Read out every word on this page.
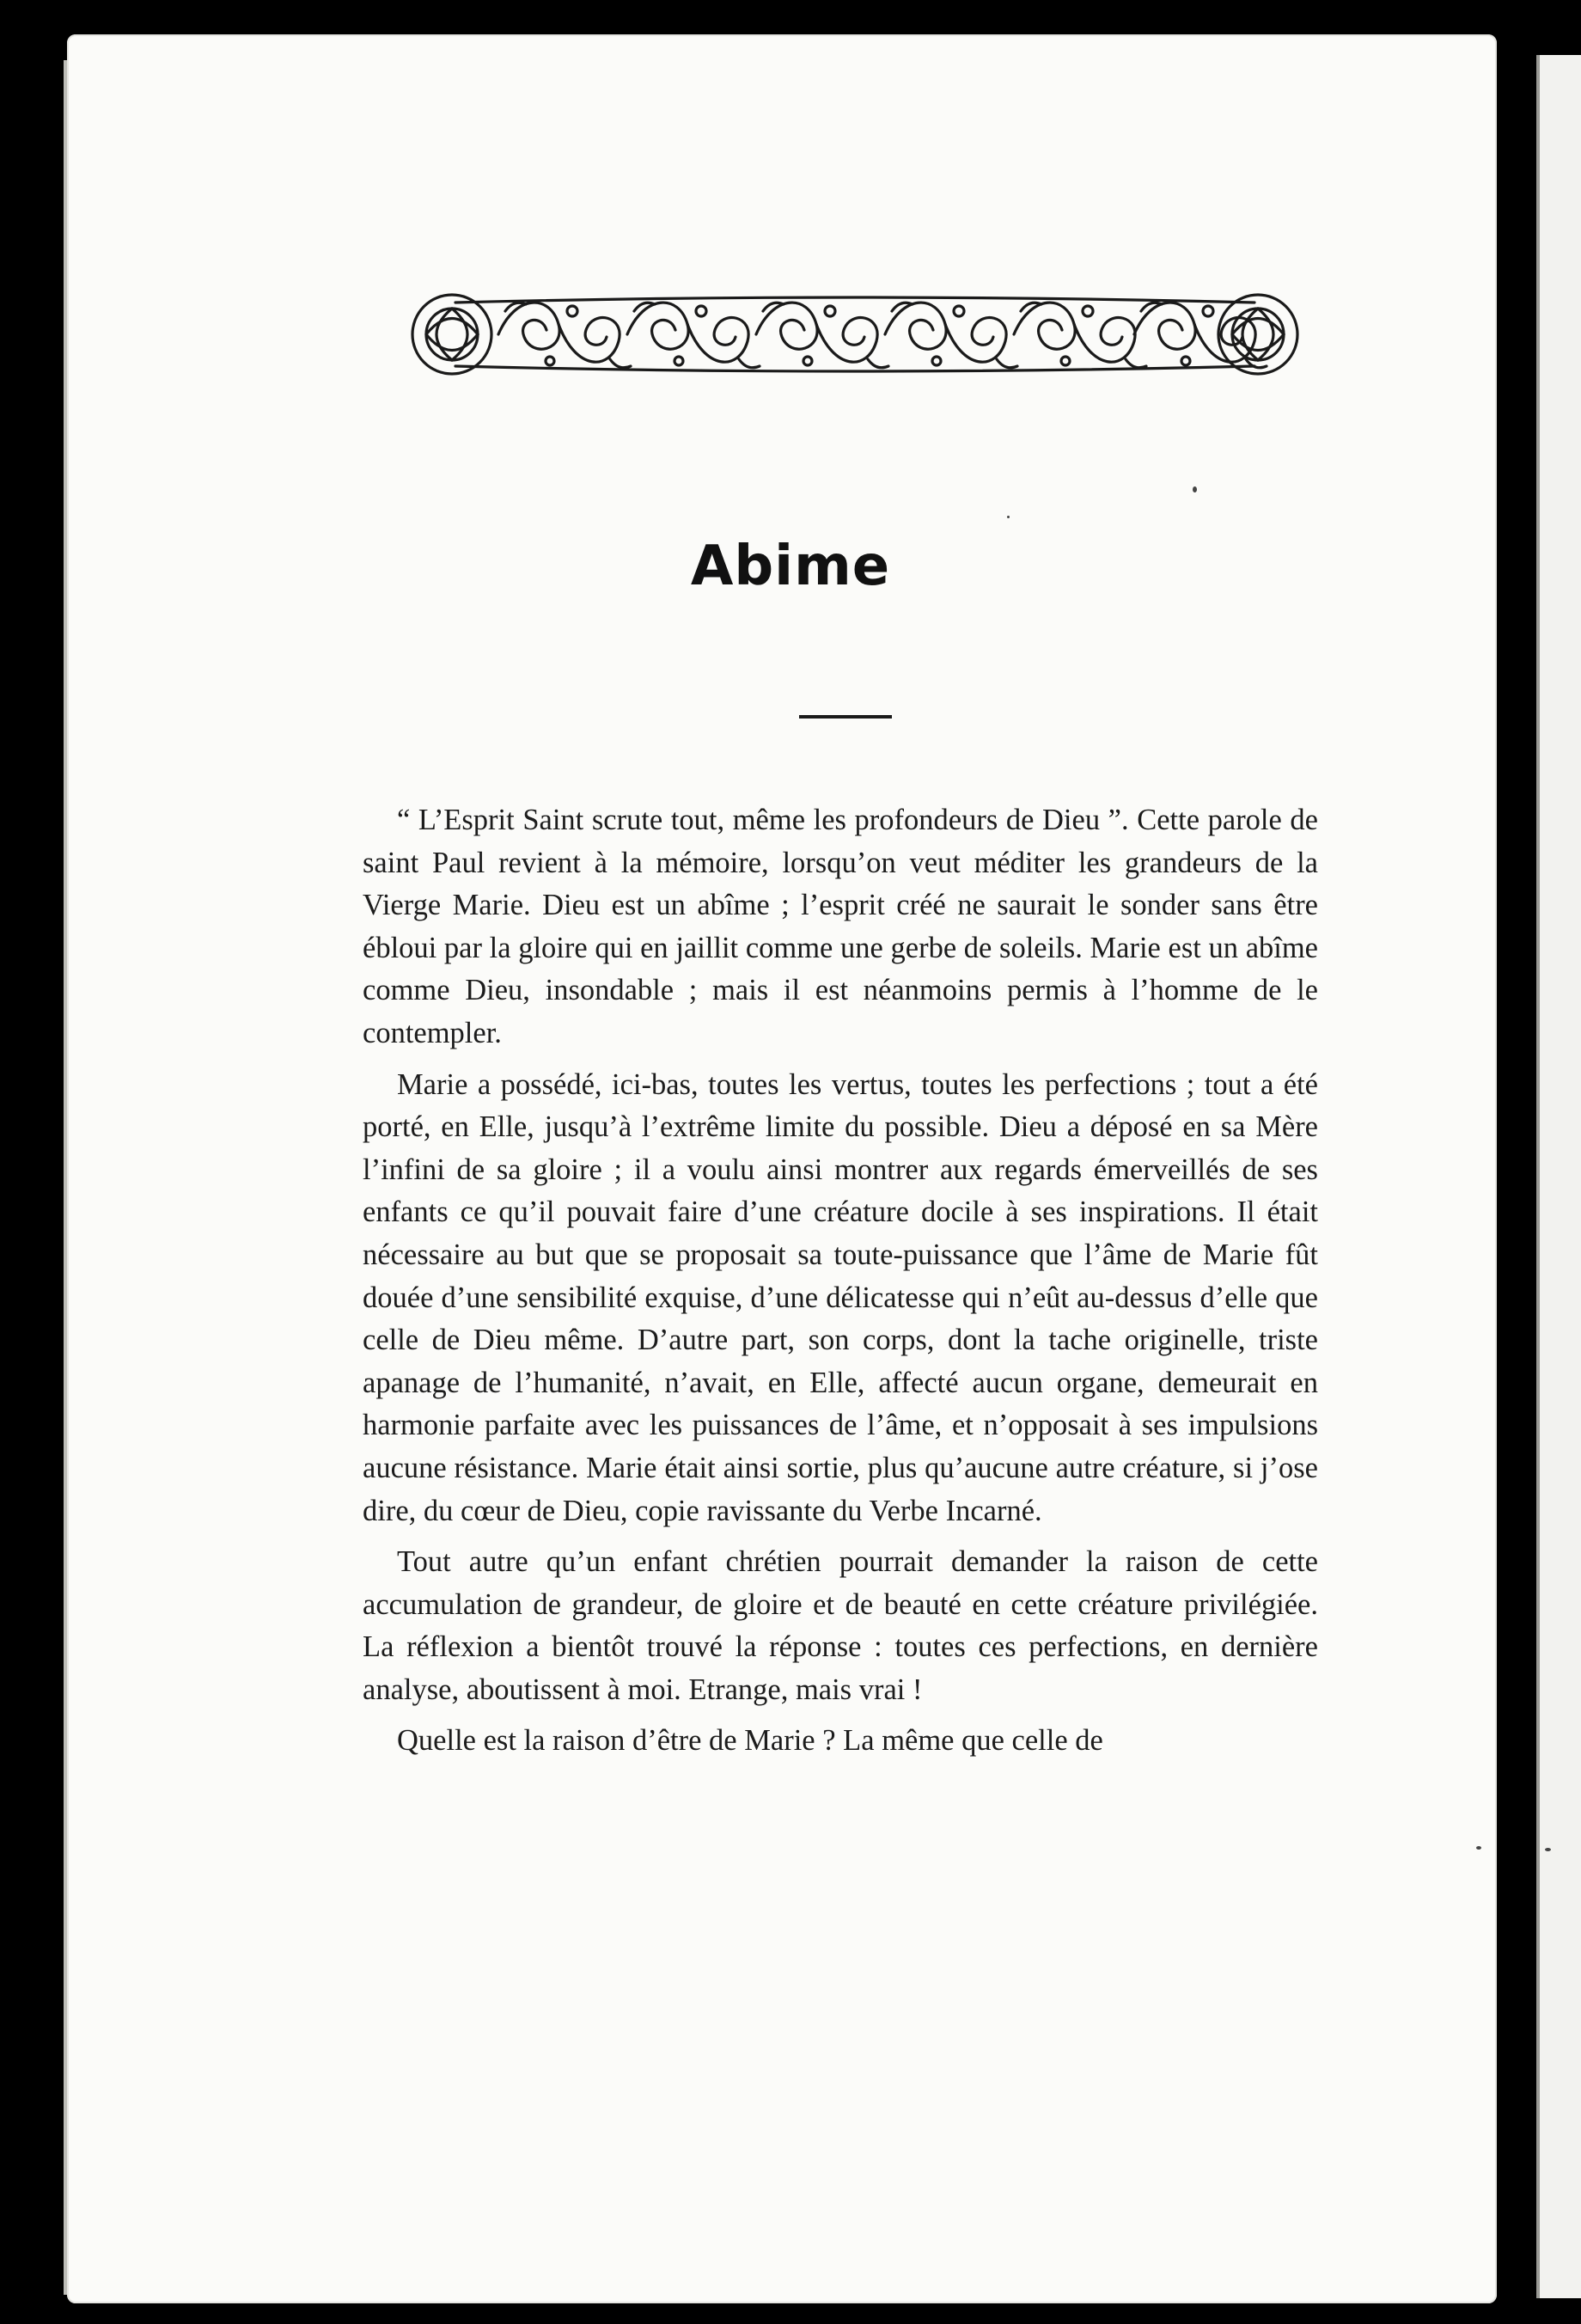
Abime

“ L’Esprit Saint scrute tout, même les profondeurs de Dieu ”. Cette parole de saint Paul revient à la mémoire, lorsqu’on veut méditer les grandeurs de la Vierge Marie. Dieu est un abîme ; l’esprit créé ne saurait le sonder sans être ébloui par la gloire qui en jaillit comme une gerbe de soleils. Marie est un abîme comme Dieu, insondable ; mais il est néanmoins permis à l’homme de le contempler.

Marie a possédé, ici-bas, toutes les vertus, toutes les perfections ; tout a été porté, en Elle, jusqu’à l’extrême limite du possible. Dieu a déposé en sa Mère l’infini de sa gloire ; il a voulu ainsi montrer aux regards émerveillés de ses enfants ce qu’il pouvait faire d’une créature docile à ses inspirations. Il était nécessaire au but que se proposait sa toute-puissance que l’âme de Marie fût douée d’une sensibilité exquise, d’une délicatesse qui n’eût au-dessus d’elle que celle de Dieu même. D’autre part, son corps, dont la tache originelle, triste apanage de l’humanité, n’avait, en Elle, affecté aucun organe, demeurait en harmonie parfaite avec les puissances de l’âme, et n’opposait à ses impulsions aucune résistance. Marie était ainsi sortie, plus qu’aucune autre créature, si j’ose dire, du cœur de Dieu, copie ravissante du Verbe Incarné.

Tout autre qu’un enfant chrétien pourrait demander la raison de cette accumulation de grandeur, de gloire et de beauté en cette créature privilégiée. La réflexion a bientôt trouvé la réponse : toutes ces perfections, en dernière analyse, aboutissent à moi. Etrange, mais vrai !

Quelle est la raison d’être de Marie ? La même que celle de
